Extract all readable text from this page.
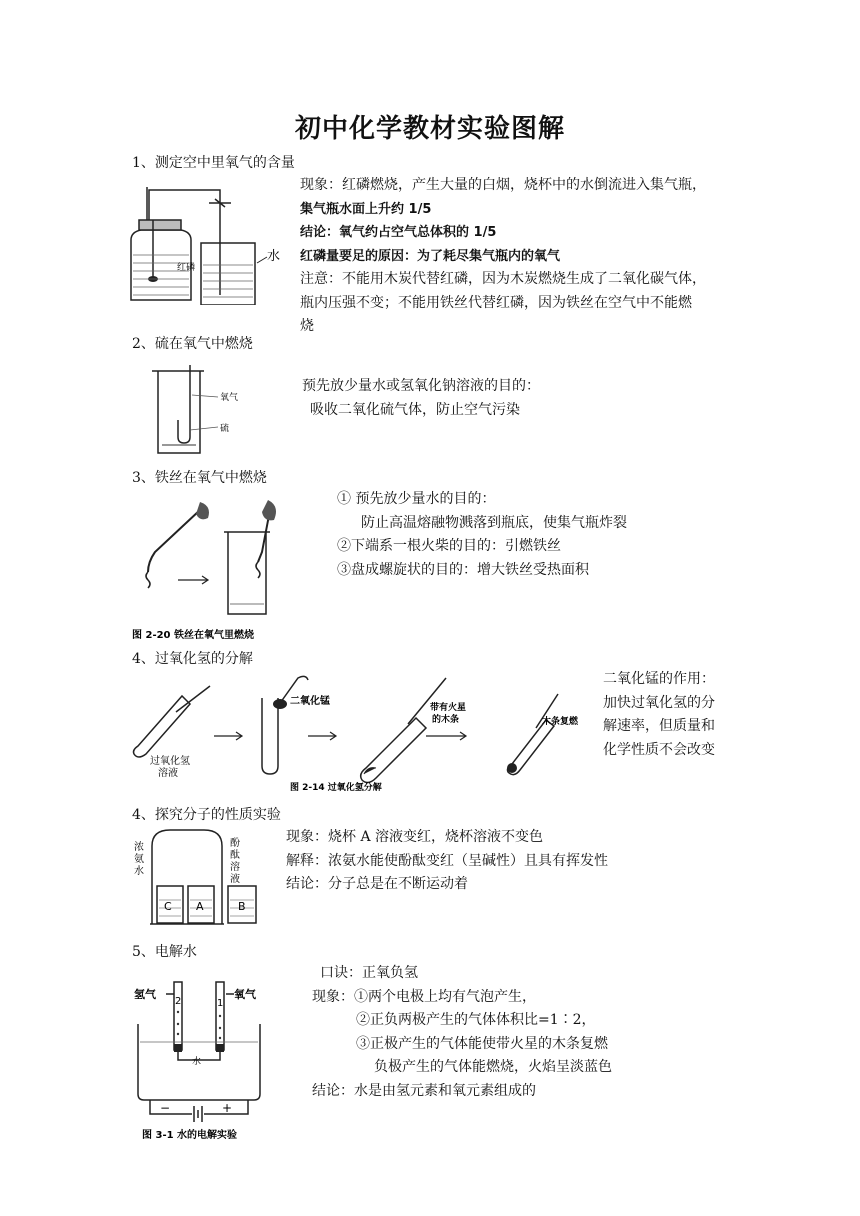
初中化学教材实验图解
1、测定空中里氧气的含量
红磷
水
现象：红磷燃烧，产生大量的白烟，烧杯中的水倒流进入集气瓶，
集气瓶水面上升约 1/5
结论：氧气约占空气总体积的 1/5
红磷量要足的原因：为了耗尽集气瓶内的氧气
注意：不能用木炭代替红磷，因为木炭燃烧生成了二氧化碳气体，
瓶内压强不变；不能用铁丝代替红磷，因为铁丝在空气中不能燃
烧
2、硫在氧气中燃烧
氧气
硫
预先放少量水或氢氧化钠溶液的目的：
吸收二氧化硫气体，防止空气污染
3、铁丝在氧气中燃烧
图 2-20 铁丝在氧气里燃烧
① 预先放少量水的目的：
防止高温熔融物溅落到瓶底，使集气瓶炸裂
②下端系一根火柴的目的：引燃铁丝
③盘成螺旋状的目的：增大铁丝受热面积
4、过氧化氢的分解
过氧化氢
溶液
二氧化锰
带有火星
的木条	木条复燃
图 2-14 过氧化氢分解
二氧化锰的作用：
加快过氧化氢的分
解速率，但质量和
化学性质不会改变
4、探究分子的性质实验
浓
氨
水
酚
酞
溶
液
C A	B
现象：烧杯 A 溶液变红，烧杯溶液不变色
解释：浓氨水能使酚酞变红（呈碱性）且具有挥发性
结论：分子总是在不断运动着
5、电解水
氢气	氧气
2	1
水
−	+
图 3-1 水的电解实验
口诀：正氧负氢
现象：①两个电极上均有气泡产生，
②正负两极产生的气体体积比=1∶2，
③正极产生的气体能使带火星的木条复燃
负极产生的气体能燃烧，火焰呈淡蓝色
结论：水是由氢元素和氧元素组成的
